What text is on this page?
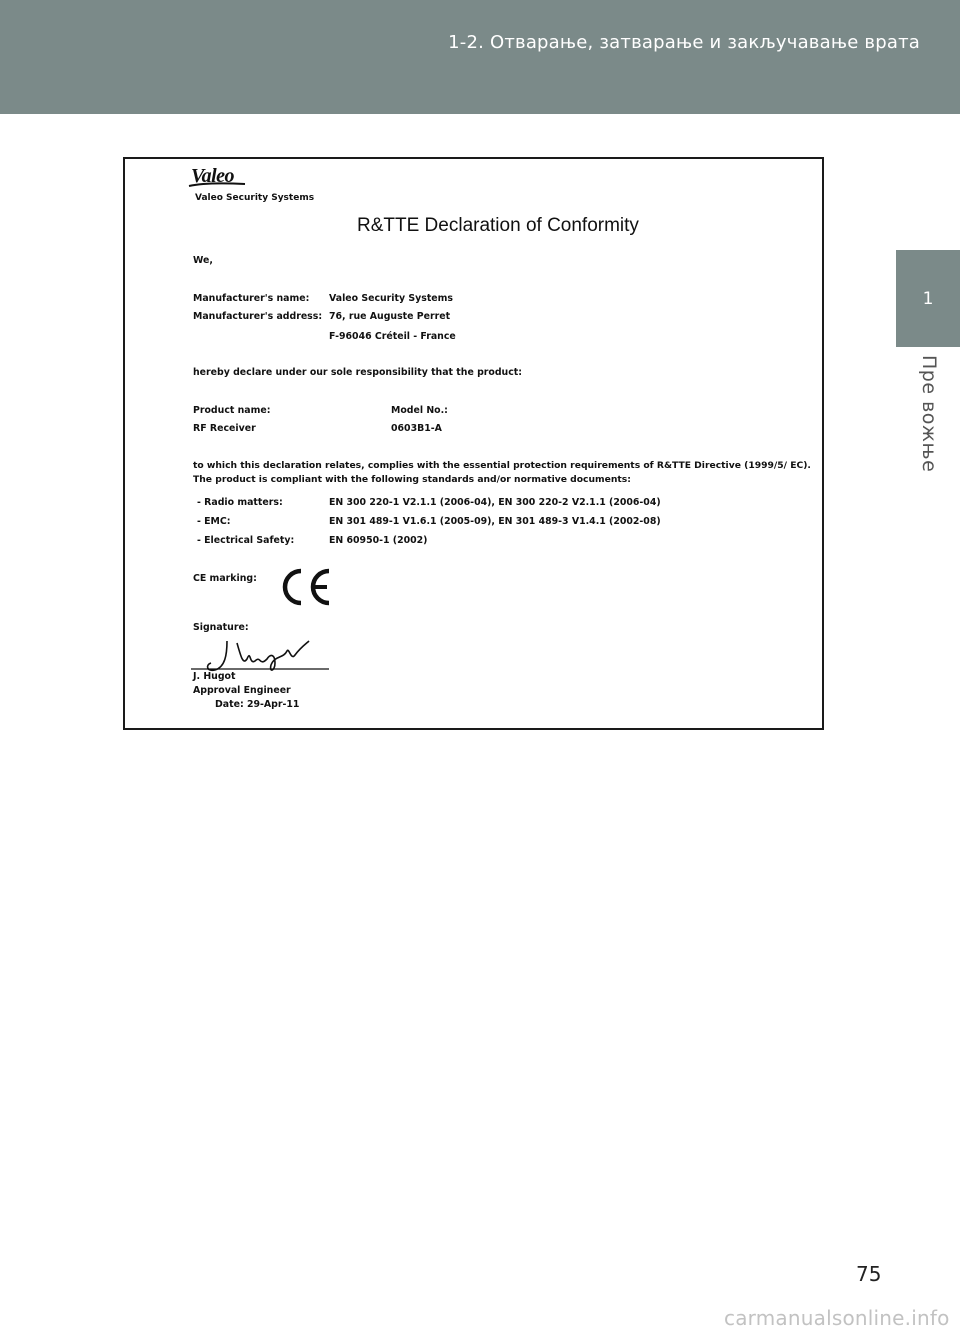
1-2. Отварање, затварање и закључавање врата
1
Пре вожње
Valeo
Valeo Security Systems
R&TTE Declaration of Conformity
We,
Manufacturer's name: Valeo Security Systems
Manufacturer's address: 76, rue Auguste Perret
F-96046 Créteil - France
hereby declare under our sole responsibility that the product:
Product name:	Model No.:
RF Receiver	0603B1-A
to which this declaration relates, complies with the essential protection requirements of R&TTE Directive (1999/5/ EC).
The product is compliant with the following standards and/or normative documents:
- Radio matters:	EN 300 220-1 V2.1.1 (2006-04), EN 300 220-2 V2.1.1 (2006-04)
- EMC:	EN 301 489-1 V1.6.1 (2005-09), EN 301 489-3 V1.4.1 (2002-08)
- Electrical Safety:	EN 60950-1 (2002)
CE marking:
Signature:
J. Hugot
Approval Engineer
Date: 29-Apr-11
75
carmanualsonline.info
